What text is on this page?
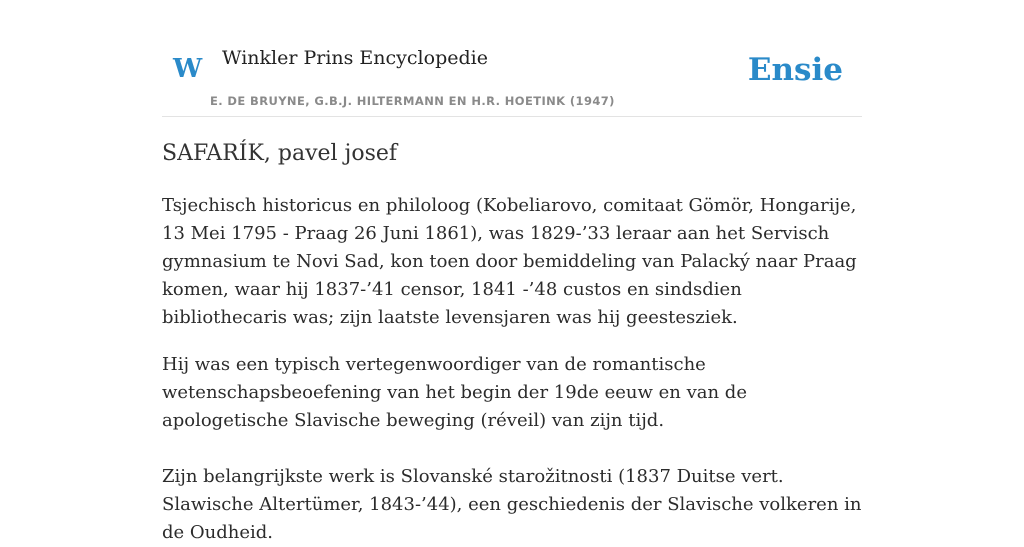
W Winkler Prins Encyclopedie
E. DE BRUYNE, G.B.J. HILTERMANN EN H.R. HOETINK (1947)
Ensie
SAFARÍK, pavel josef

Tsjechisch historicus en philoloog (Kobeliarovo, comitaat Gömör, Hongarije, 13 Mei 1795 - Praag 26 Juni 1861), was 1829-’33 leraar aan het Servisch gymnasium te Novi Sad, kon toen door bemiddeling van Palacký naar Praag komen, waar hij 1837-’41 censor, 1841 -’48 custos en sindsdien bibliothecaris was; zijn laatste levensjaren was hij geestesziek.

Hij was een typisch vertegenwoordiger van de romantische wetenschapsbeoefening van het begin der 19de eeuw en van de apologetische Slavische beweging (réveil) van zijn tijd.

Zijn belangrijkste werk is Slovanské starožitnosti (1837 Duitse vert. Slawische Altertümer, 1843-’44), een geschiedenis der Slavische volkeren in de Oudheid.
